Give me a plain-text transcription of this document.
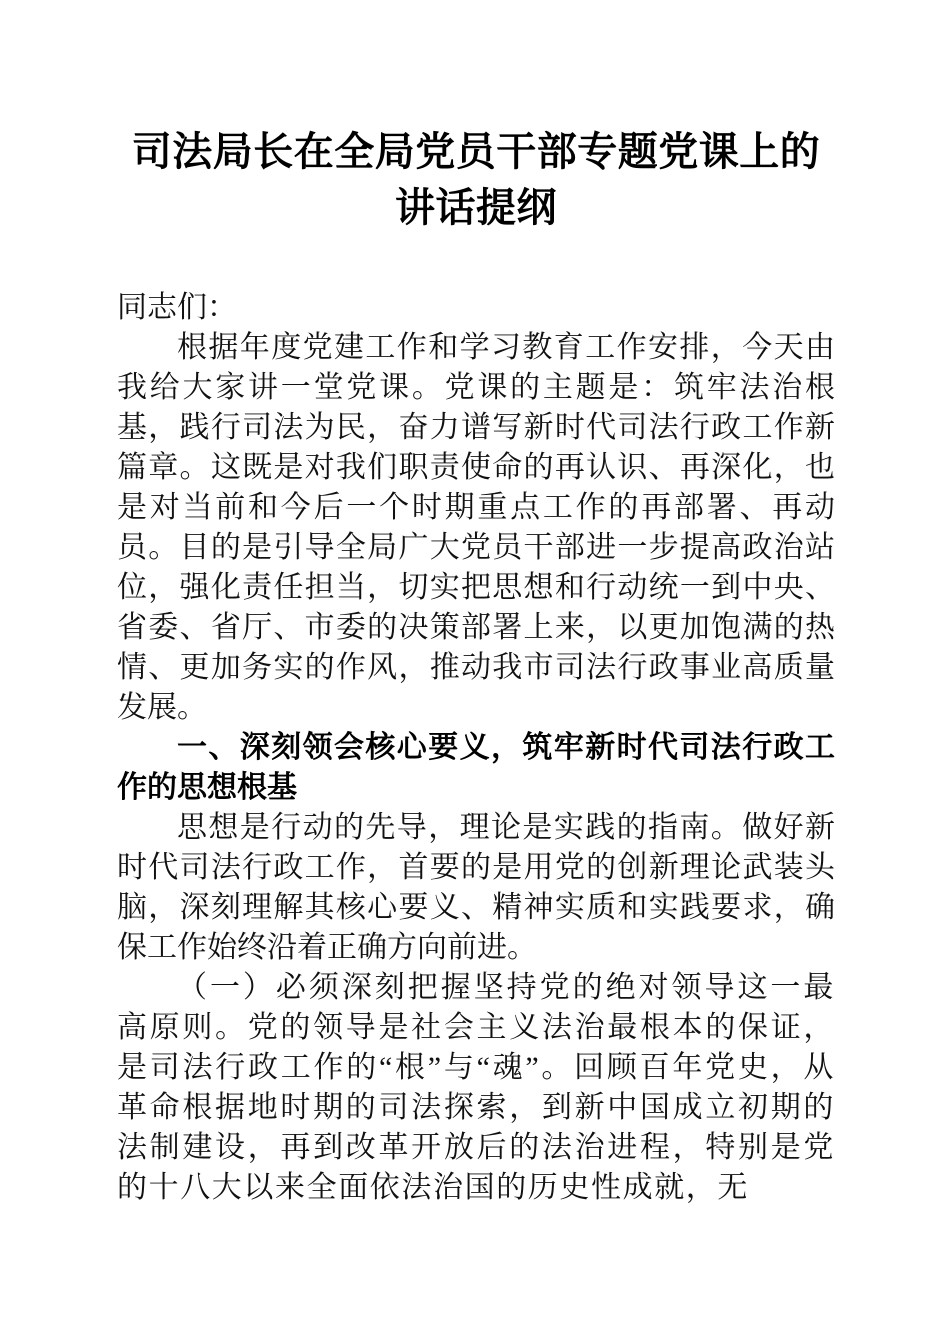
司法局长在全局党员干部专题党课上的讲话提纲

同志们：

根据年度党建工作和学习教育工作安排，今天由我给大家讲一堂党课。党课的主题是：筑牢法治根基，践行司法为民，奋力谱写新时代司法行政工作新篇章。这既是对我们职责使命的再认识、再深化，也是对当前和今后一个时期重点工作的再部署、再动员。目的是引导全局广大党员干部进一步提高政治站位，强化责任担当，切实把思想和行动统一到中央、省委、省厅、市委的决策部署上来，以更加饱满的热情、更加务实的作风，推动我市司法行政事业高质量发展。

一、深刻领会核心要义，筑牢新时代司法行政工作的思想根基

思想是行动的先导，理论是实践的指南。做好新时代司法行政工作，首要的是用党的创新理论武装头脑，深刻理解其核心要义、精神实质和实践要求，确保工作始终沿着正确方向前进。

（一）必须深刻把握坚持党的绝对领导这一最高原则。党的领导是社会主义法治最根本的保证，是司法行政工作的“根”与“魂”。回顾百年党史，从革命根据地时期的司法探索，到新中国成立初期的法制建设，再到改革开放后的法治进程，特别是党的十八大以来全面依法治国的历史性成就，无
